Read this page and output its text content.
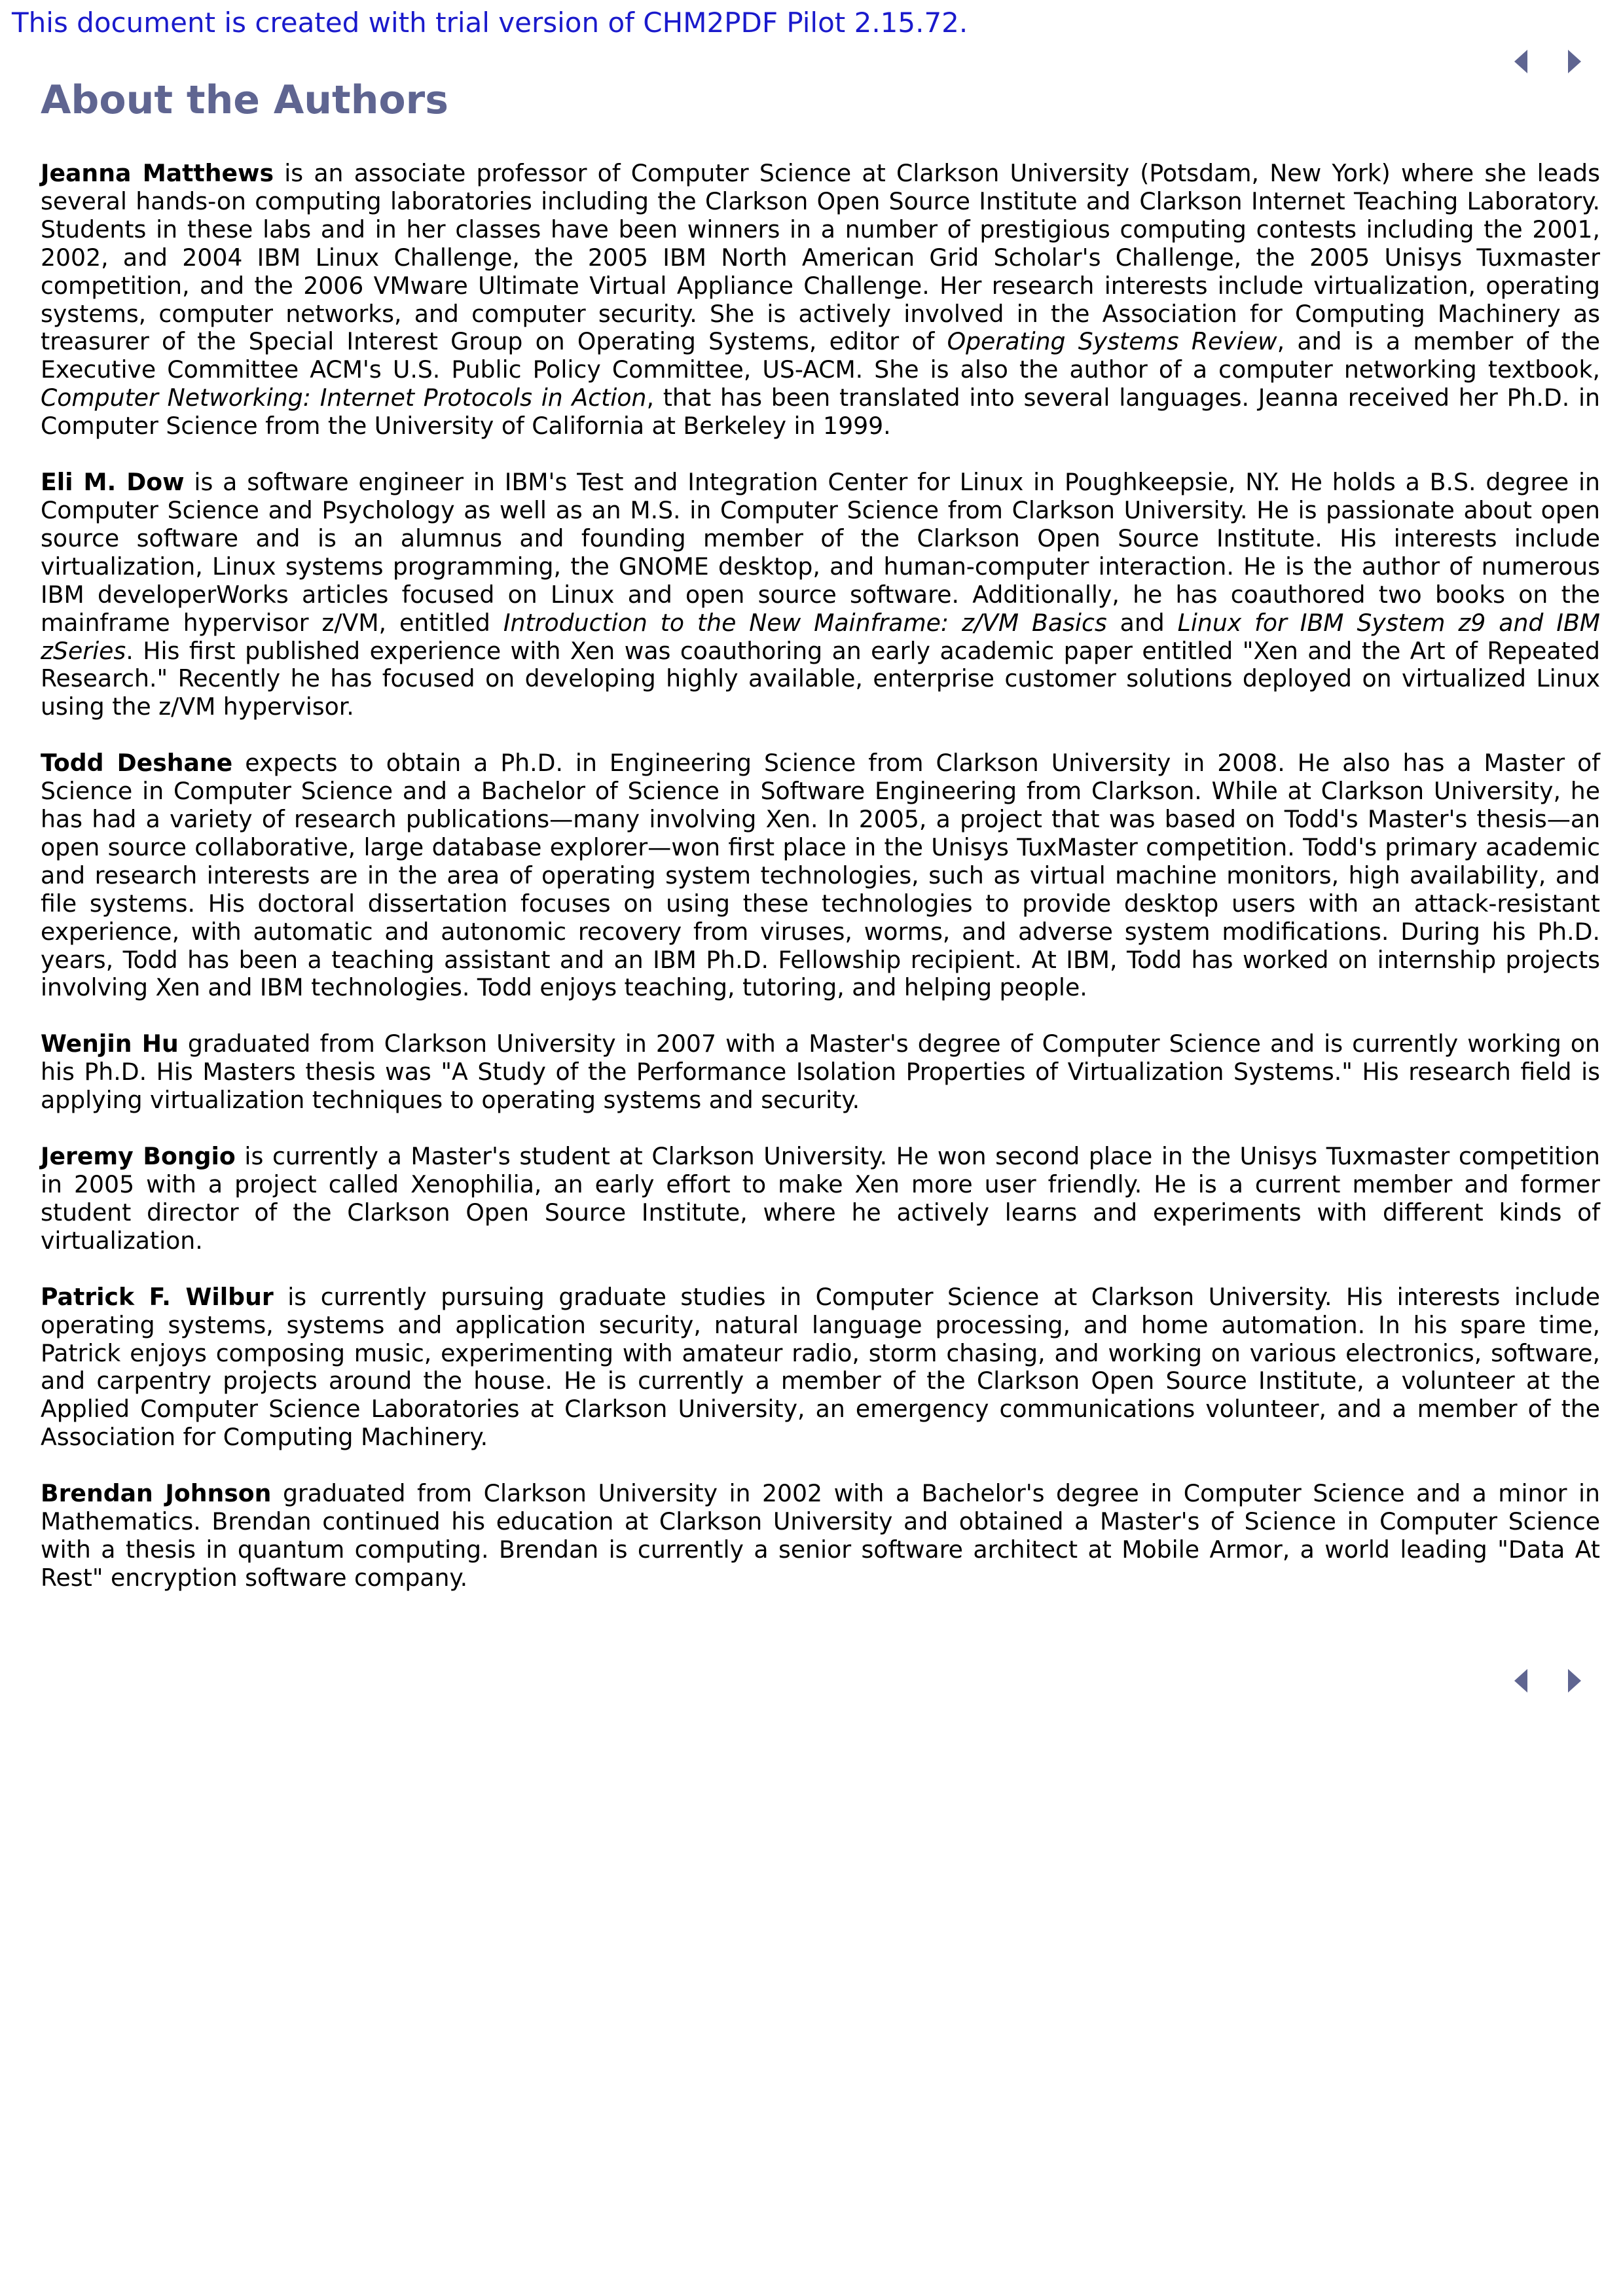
This document is created with trial version of CHM2PDF Pilot 2.15.72.
About the Authors

Jeanna Matthews is an associate professor of Computer Science at Clarkson University (Potsdam, New York) where she leads several hands-on computing laboratories including the Clarkson Open Source Institute and Clarkson Internet Teaching Laboratory. Students in these labs and in her classes have been winners in a number of prestigious computing contests including the 2001, 2002, and 2004 IBM Linux Challenge, the 2005 IBM North American Grid Scholar's Challenge, the 2005 Unisys Tuxmaster competition, and the 2006 VMware Ultimate Virtual Appliance Challenge. Her research interests include virtualization, operating systems, computer networks, and computer security. She is actively involved in the Association for Computing Machinery as treasurer of the Special Interest Group on Operating Systems, editor of Operating Systems Review, and is a member of the Executive Committee ACM's U.S. Public Policy Committee, US-ACM. She is also the author of a computer networking textbook, Computer Networking: Internet Protocols in Action, that has been translated into several languages. Jeanna received her Ph.D. in Computer Science from the University of California at Berkeley in 1999.

Eli M. Dow is a software engineer in IBM's Test and Integration Center for Linux in Poughkeepsie, NY. He holds a B.S. degree in Computer Science and Psychology as well as an M.S. in Computer Science from Clarkson University. He is passionate about open source software and is an alumnus and founding member of the Clarkson Open Source Institute. His interests include virtualization, Linux systems programming, the GNOME desktop, and human-computer interaction. He is the author of numerous IBM developerWorks articles focused on Linux and open source software. Additionally, he has coauthored two books on the mainframe hypervisor z/VM, entitled Introduction to the New Mainframe: z/VM Basics and Linux for IBM System z9 and IBM zSeries. His first published experience with Xen was coauthoring an early academic paper entitled "Xen and the Art of Repeated Research." Recently he has focused on developing highly available, enterprise customer solutions deployed on virtualized Linux using the z/VM hypervisor.

Todd Deshane expects to obtain a Ph.D. in Engineering Science from Clarkson University in 2008. He also has a Master of Science in Computer Science and a Bachelor of Science in Software Engineering from Clarkson. While at Clarkson University, he has had a variety of research publications—many involving Xen. In 2005, a project that was based on Todd's Master's thesis—an open source collaborative, large database explorer—won first place in the Unisys TuxMaster competition. Todd's primary academic and research interests are in the area of operating system technologies, such as virtual machine monitors, high availability, and file systems. His doctoral dissertation focuses on using these technologies to provide desktop users with an attack-resistant experience, with automatic and autonomic recovery from viruses, worms, and adverse system modifications. During his Ph.D. years, Todd has been a teaching assistant and an IBM Ph.D. Fellowship recipient. At IBM, Todd has worked on internship projects involving Xen and IBM technologies. Todd enjoys teaching, tutoring, and helping people.

Wenjin Hu graduated from Clarkson University in 2007 with a Master's degree of Computer Science and is currently working on his Ph.D. His Masters thesis was "A Study of the Performance Isolation Properties of Virtualization Systems." His research field is applying virtualization techniques to operating systems and security.

Jeremy Bongio is currently a Master's student at Clarkson University. He won second place in the Unisys Tuxmaster competition in 2005 with a project called Xenophilia, an early effort to make Xen more user friendly. He is a current member and former student director of the Clarkson Open Source Institute, where he actively learns and experiments with different kinds of virtualization.

Patrick F. Wilbur is currently pursuing graduate studies in Computer Science at Clarkson University. His interests include operating systems, systems and application security, natural language processing, and home automation. In his spare time, Patrick enjoys composing music, experimenting with amateur radio, storm chasing, and working on various electronics, software, and carpentry projects around the house. He is currently a member of the Clarkson Open Source Institute, a volunteer at the Applied Computer Science Laboratories at Clarkson University, an emergency communications volunteer, and a member of the Association for Computing Machinery.

Brendan Johnson graduated from Clarkson University in 2002 with a Bachelor's degree in Computer Science and a minor in Mathematics. Brendan continued his education at Clarkson University and obtained a Master's of Science in Computer Science with a thesis in quantum computing. Brendan is currently a senior software architect at Mobile Armor, a world leading "Data At Rest" encryption software company.
